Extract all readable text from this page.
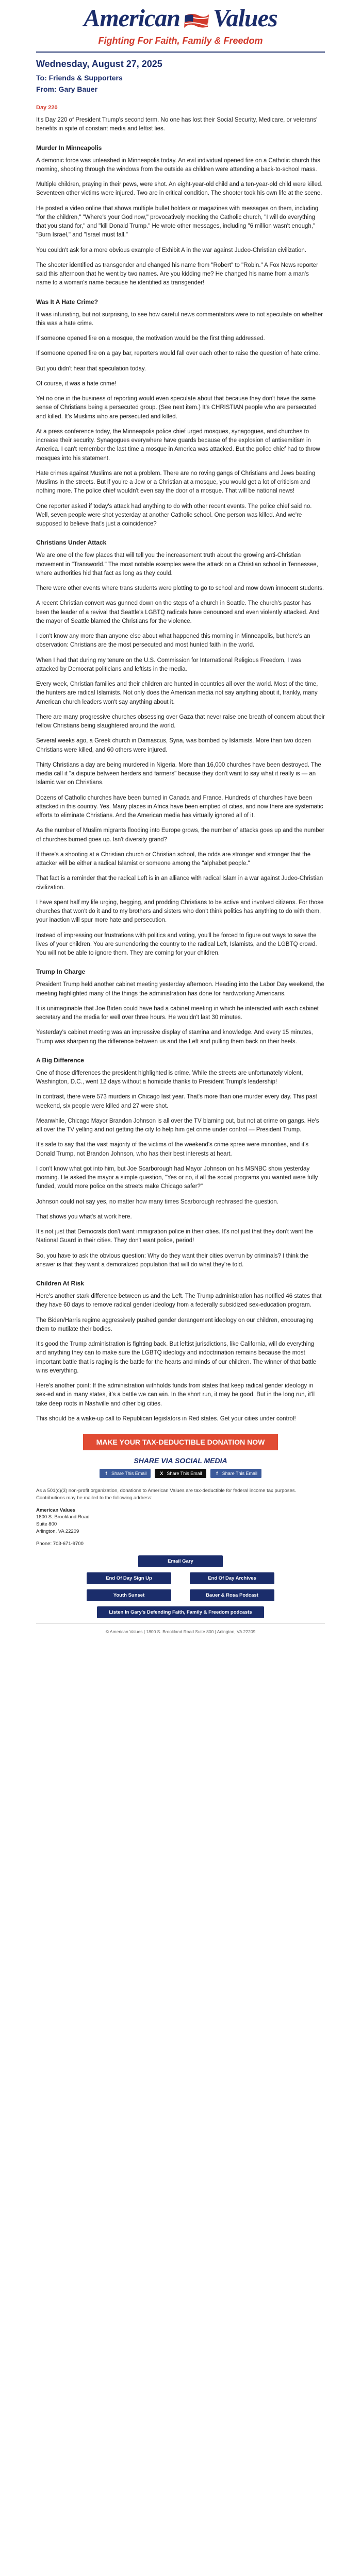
American Values
Fighting For Faith, Family & Freedom
Wednesday, August 27, 2025
To: Friends & Supporters
From: Gary Bauer
Day 220

It's Day 220 of President Trump's second term. No one has lost their Social Security, Medicare, or veterans' benefits in spite of constant media and leftist lies.

Murder In Minneapolis

A demonic force was unleashed in Minneapolis today. An evil individual opened fire on a Catholic church this morning, shooting through the windows from the outside as children were attending a back-to-school mass.

Multiple children, praying in their pews, were shot. An eight-year-old child and a ten-year-old child were killed. Seventeen other victims were injured. Two are in critical condition. The shooter took his own life at the scene.

He posted a video online that shows multiple bullet holders or magazines with messages on them, including "for the children," "Where's your God now," provocatively mocking the Catholic church, "I will do everything that you stand for," and "kill Donald Trump." He wrote other messages, including "6 million wasn't enough," "Burn Israel," and "Israel must fall."

You couldn't ask for a more obvious example of Exhibit A in the war against Judeo-Christian civilization.

The shooter identified as transgender and changed his name from "Robert" to "Robin." A Fox News reporter said this afternoon that he went by two names. Are you kidding me? He changed his name from a man's name to a woman's name because he identified as transgender!

Was It A Hate Crime?

It was infuriating, but not surprising, to see how careful news commentators were to not speculate on whether this was a hate crime.

If someone opened fire on a mosque, the motivation would be the first thing addressed.

If someone opened fire on a gay bar, reporters would fall over each other to raise the question of hate crime.

But you didn't hear that speculation today.

Of course, it was a hate crime!

Yet no one in the business of reporting would even speculate about that because they don't have the same sense of Christians being a persecuted group. (See next item.) It's CHRISTIAN people who are persecuted and killed. It's Muslims who are persecuted and killed.

At a press conference today, the Minneapolis police chief urged mosques, synagogues, and churches to increase their security. Synagogues everywhere have guards because of the explosion of antisemitism in America. I can't remember the last time a mosque in America was attacked. But the police chief had to throw mosques into his statement.

Hate crimes against Muslims are not a problem. There are no roving gangs of Christians and Jews beating Muslims in the streets. But if you're a Jew or a Christian at a mosque, you would get a lot of criticism and nothing more. The police chief wouldn't even say the door of a mosque. That will be national news!

One reporter asked if today's attack had anything to do with other recent events. The police chief said no. Well, seven people were shot yesterday at another Catholic school. One person was killed. And we're supposed to believe that's just a coincidence?

Christians Under Attack

We are one of the few places that will tell you the increasement truth about the growing anti-Christian movement in "Transworld." The most notable examples were the attack on a Christian school in Tennessee, where authorities hid that fact as long as they could.

There were other events where trans students were plotting to go to school and mow down innocent students.

A recent Christian convert was gunned down on the steps of a church in Seattle. The church's pastor has been the leader of a revival that Seattle's LGBTQ radicals have denounced and even violently attacked. And the mayor of Seattle blamed the Christians for the violence.

I don't know any more than anyone else about what happened this morning in Minneapolis, but here's an observation: Christians are the most persecuted and most hunted faith in the world.

When I had that during my tenure on the U.S. Commission for International Religious Freedom, I was attacked by Democrat politicians and leftists in the media.

Every week, Christian families and their children are hunted in countries all over the world. Most of the time, the hunters are radical Islamists. Not only does the American media not say anything about it, frankly, many American church leaders won't say anything about it.

There are many progressive churches obsessing over Gaza that never raise one breath of concern about their fellow Christians being slaughtered around the world.

Several weeks ago, a Greek church in Damascus, Syria, was bombed by Islamists. More than two dozen Christians were killed, and 60 others were injured.

Thirty Christians a day are being murdered in Nigeria. More than 16,000 churches have been destroyed. The media call it "a dispute between herders and farmers" because they don't want to say what it really is — an Islamic war on Christians.

Dozens of Catholic churches have been burned in Canada and France. Hundreds of churches have been attacked in this country. Yes. Many places in Africa have been emptied of cities, and now there are systematic efforts to eliminate Christians. And the American media has virtually ignored all of it.

As the number of Muslim migrants flooding into Europe grows, the number of attacks goes up and the number of churches burned goes up. Isn't diversity grand?

If there's a shooting at a Christian church or Christian school, the odds are stronger and stronger that the attacker will be either a radical Islamist or someone among the "alphabet people."

That fact is a reminder that the radical Left is in an alliance with radical Islam in a war against Judeo-Christian civilization.

I have spent half my life urging, begging, and prodding Christians to be active and involved citizens. For those churches that won't do it and to my brothers and sisters who don't think politics has anything to do with them, your inaction will spur more hate and persecution.

Instead of impressing our frustrations with politics and voting, you'll be forced to figure out ways to save the lives of your children. You are surrendering the country to the radical Left, Islamists, and the LGBTQ crowd. You will not be able to ignore them. They are coming for your children.

Trump In Charge

President Trump held another cabinet meeting yesterday afternoon. Heading into the Labor Day weekend, the meeting highlighted many of the things the administration has done for hardworking Americans.

It is unimaginable that Joe Biden could have had a cabinet meeting in which he interacted with each cabinet secretary and the media for well over three hours. He wouldn't last 30 minutes.

Yesterday's cabinet meeting was an impressive display of stamina and knowledge. And every 15 minutes, Trump was sharpening the difference between us and the Left and pulling them back on their heels.

A Big Difference

One of those differences the president highlighted is crime. While the streets are unfortunately violent, Washington, D.C., went 12 days without a homicide thanks to President Trump's leadership!

In contrast, there were 573 murders in Chicago last year. That's more than one murder every day. This past weekend, six people were killed and 27 were shot.

Meanwhile, Chicago Mayor Brandon Johnson is all over the TV blaming out, but not at crime on gangs. He's all over the TV yelling and not getting the city to help him get crime under control — President Trump.

It's safe to say that the vast majority of the victims of the weekend's crime spree were minorities, and it's Donald Trump, not Brandon Johnson, who has their best interests at heart.

I don't know what got into him, but Joe Scarborough had Mayor Johnson on his MSNBC show yesterday morning. He asked the mayor a simple question, "Yes or no, if all the social programs you wanted were fully funded, would more police on the streets make Chicago safer?"

Johnson could not say yes, no matter how many times Scarborough rephrased the question.

That shows you what's at work here.

It's not just that Democrats don't want immigration police in their cities. It's not just that they don't want the National Guard in their cities. They don't want police, period!

So, you have to ask the obvious question: Why do they want their cities overrun by criminals? I think the answer is that they want a demoralized population that will do what they're told.

Children At Risk

Here's another stark difference between us and the Left. The Trump administration has notified 46 states that they have 60 days to remove radical gender ideology from a federally subsidized sex-education program.

The Biden/Harris regime aggressively pushed gender derangement ideology on our children, encouraging them to mutilate their bodies.

It's good the Trump administration is fighting back. But leftist jurisdictions, like California, will do everything and anything they can to make sure the LGBTQ ideology and indoctrination remains because the most important battle that is raging is the battle for the hearts and minds of our children. The winner of that battle wins everything.

Here's another point: If the administration withholds funds from states that keep radical gender ideology in sex-ed and in many states, it's a battle we can win. In the short run, it may be good. But in the long run, it'll take deep roots in Nashville and other big cities.

This should be a wake-up call to Republican legislators in Red states. Get your cities under control!

MAKE YOUR TAX-DEDUCTIBLE DONATION NOW
SHARE VIA SOCIAL MEDIA
f Share This Email	X Share This Email	f Share This Email
As a 501(c)(3) non-profit organization, donations to American Values are tax-deductible for federal income tax purposes. Contributions may be mailed to the following address:
American Values
1800 S. Brookland Road
Suite 800
Arlington, VA 22209
Phone: 703-671-9700
Email Gary
End Of Day Sign Up	End Of Day Archives
Youth Sunset	Bauer & Rosa Podcast
Listen In Gary's Defending Faith, Family & Freedom podcasts
© American Values | 1800 S. Brookland Road Suite 800 | Arlington, VA 22209
